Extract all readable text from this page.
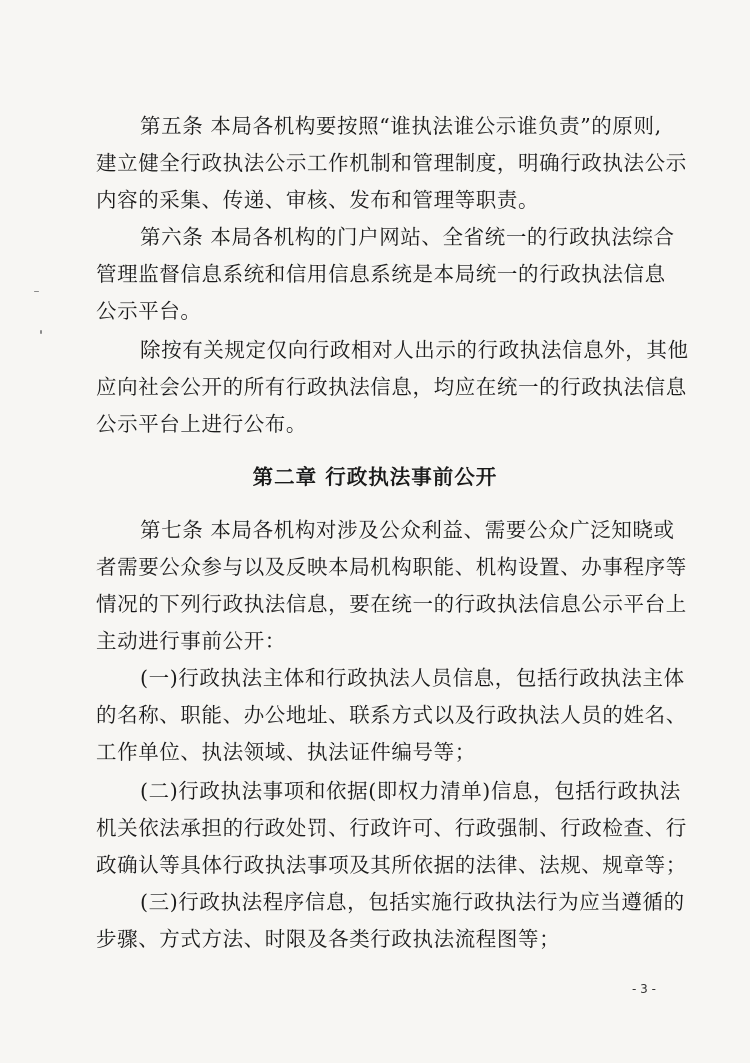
第五条 本局各机构要按照“谁执法谁公示谁负责”的原则,
建立健全行政执法公示工作机制和管理制度，明确行政执法公示
内容的采集、传递、审核、发布和管理等职责。
第六条 本局各机构的门户网站、全省统一的行政执法综合
管理监督信息系统和信用信息系统是本局统一的行政执法信息
公示平台。
除按有关规定仅向行政相对人出示的行政执法信息外，其他
应向社会公开的所有行政执法信息，均应在统一的行政执法信息
公示平台上进行公布。
第二章 行政执法事前公开
第七条 本局各机构对涉及公众利益、需要公众广泛知晓或
者需要公众参与以及反映本局机构职能、机构设置、办事程序等
情况的下列行政执法信息，要在统一的行政执法信息公示平台上
主动进行事前公开：
(一)行政执法主体和行政执法人员信息，包括行政执法主体
的名称、职能、办公地址、联系方式以及行政执法人员的姓名、
工作单位、执法领域、执法证件编号等；
(二)行政执法事项和依据(即权力清单)信息，包括行政执法
机关依法承担的行政处罚、行政许可、行政强制、行政检查、行
政确认等具体行政执法事项及其所依据的法律、法规、规章等；
(三)行政执法程序信息，包括实施行政执法行为应当遵循的
步骤、方式方法、时限及各类行政执法流程图等；
- 3 -
